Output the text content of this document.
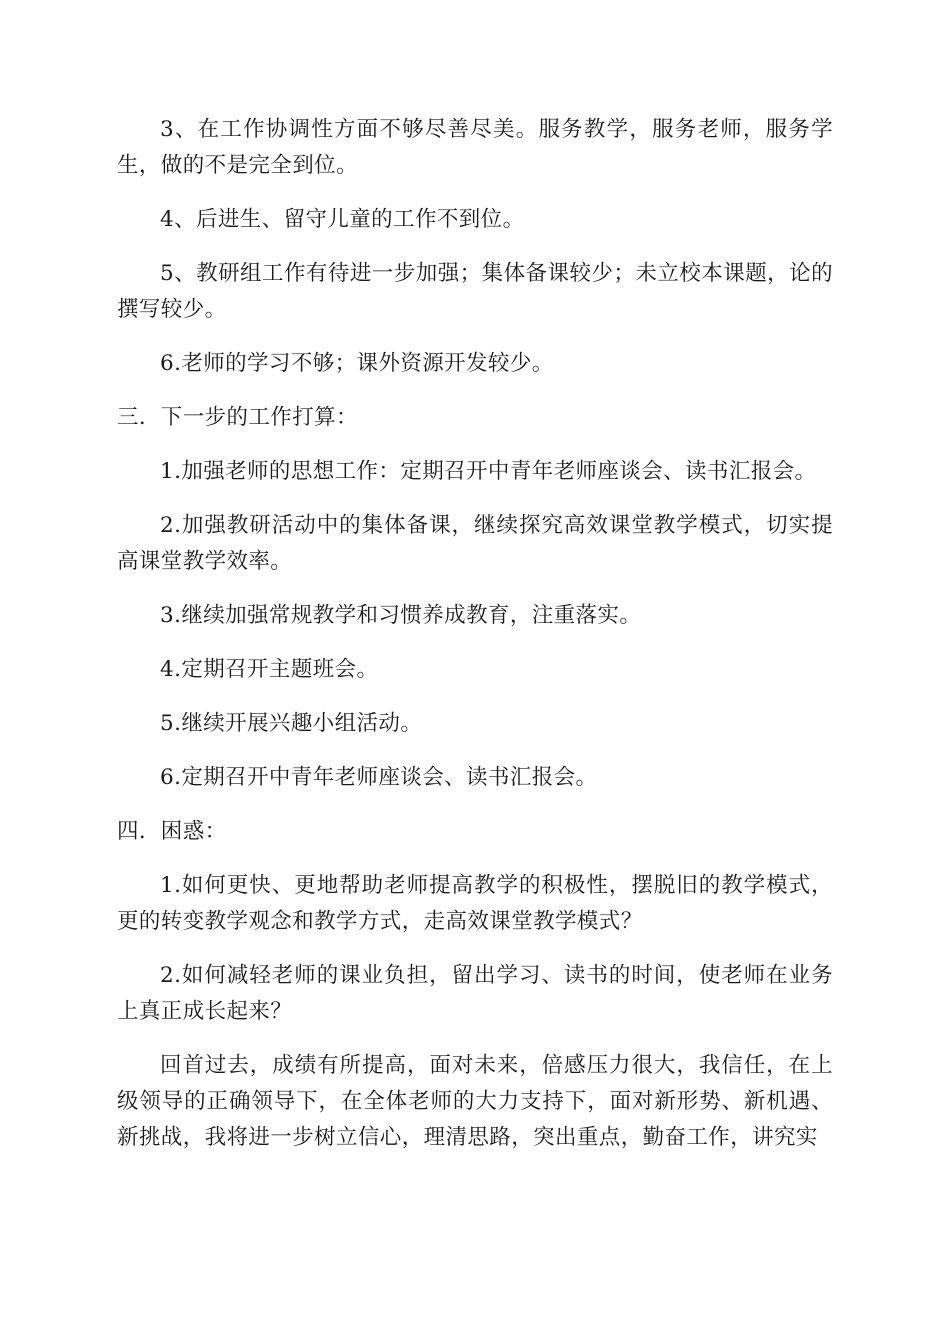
3、在工作协调性方面不够尽善尽美。服务教学，服务老师，服务学生，做的不是完全到位。

4、后进生、留守儿童的工作不到位。

5、教研组工作有待进一步加强；集体备课较少；未立校本课题，论的撰写较少。

6.老师的学习不够；课外资源开发较少。

三．下一步的工作打算：

1.加强老师的思想工作：定期召开中青年老师座谈会、读书汇报会。

2.加强教研活动中的集体备课，继续探究高效课堂教学模式，切实提高课堂教学效率。

3.继续加强常规教学和习惯养成教育，注重落实。

4.定期召开主题班会。

5.继续开展兴趣小组活动。

6.定期召开中青年老师座谈会、读书汇报会。

四．困惑：

1.如何更快、更地帮助老师提高教学的积极性，摆脱旧的教学模式，更的转变教学观念和教学方式，走高效课堂教学模式？

2.如何减轻老师的课业负担，留出学习、读书的时间，使老师在业务上真正成长起来？

回首过去，成绩有所提高，面对未来，倍感压力很大，我信任，在上级领导的正确领导下，在全体老师的大力支持下，面对新形势、新机遇、新挑战，我将进一步树立信心，理清思路，突出重点，勤奋工作，讲究实
